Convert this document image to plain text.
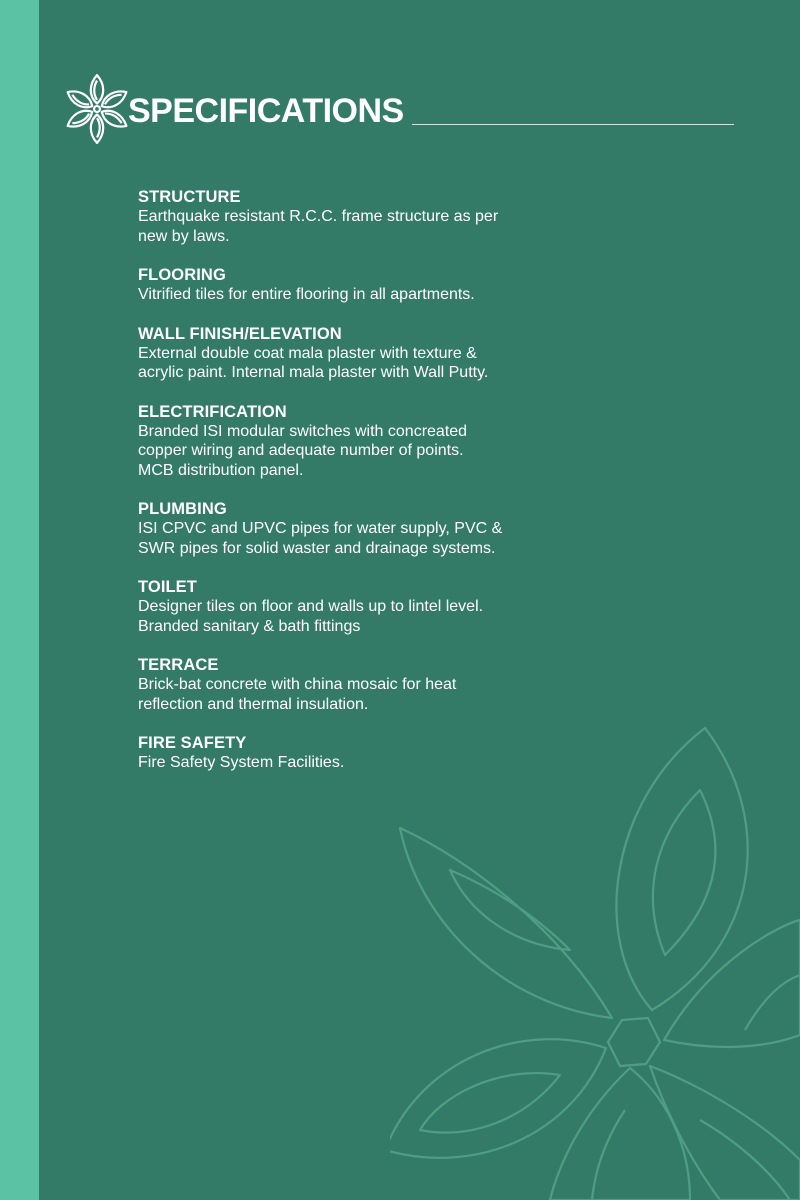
SPECIFICATIONS
STRUCTURE
Earthquake resistant R.C.C. frame structure as per
new by laws.
FLOORING
Vitrified tiles for entire flooring in all apartments.
WALL FINISH/ELEVATION
External double coat mala plaster with texture &
acrylic paint. Internal mala plaster with Wall Putty.
ELECTRIFICATION
Branded ISI modular switches with concreated
copper wiring and adequate number of points.
MCB distribution panel.
PLUMBING
ISI CPVC and UPVC pipes for water supply, PVC &
SWR pipes for solid waster and drainage systems.
TOILET
Designer tiles on floor and walls up to lintel level.
Branded sanitary & bath fittings
TERRACE
Brick-bat concrete with china mosaic for heat
reflection and thermal insulation.
FIRE SAFETY
Fire Safety System Facilities.
